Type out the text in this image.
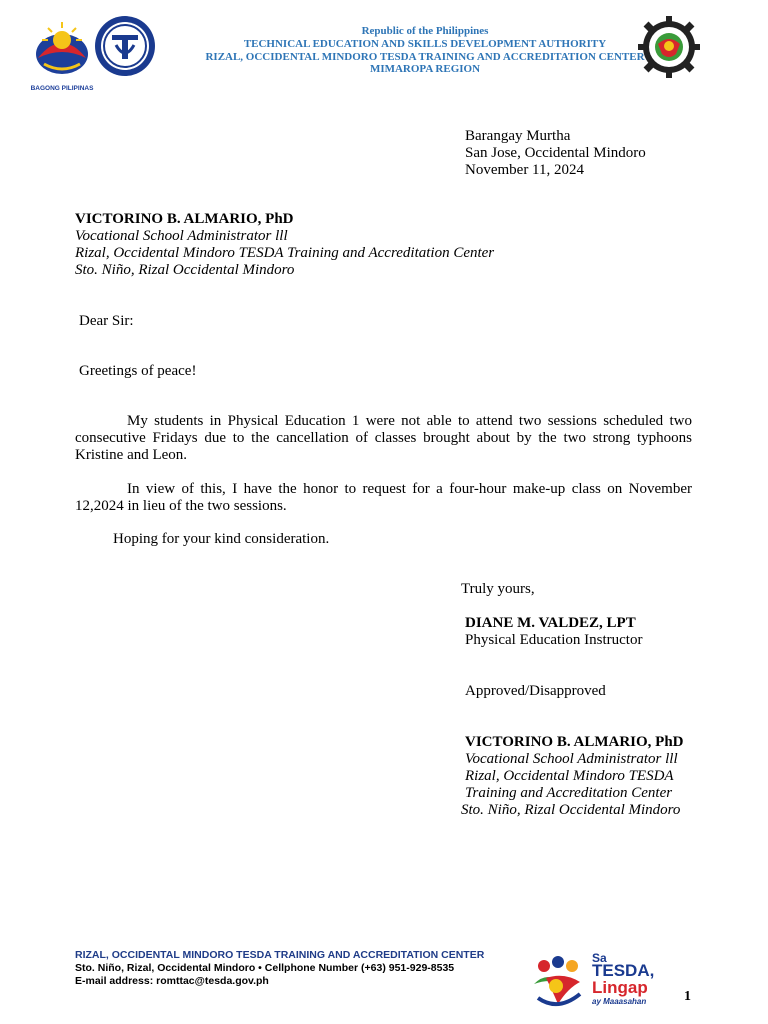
BAGONG PILIPINAS
Republic of the Philippines
TECHNICAL EDUCATION AND SKILLS DEVELOPMENT AUTHORITY
RIZAL, OCCIDENTAL MINDORO TESDA TRAINING AND ACCREDITATION CENTER
MIMAROPA REGION
Barangay Murtha
San Jose, Occidental Mindoro
November 11, 2024
VICTORINO B. ALMARIO, PhD
Vocational School Administrator lll
Rizal, Occidental Mindoro TESDA Training and Accreditation Center
Sto. Niño, Rizal Occidental Mindoro
Dear Sir:
Greetings of peace!
My students in Physical Education 1 were not able to attend two sessions scheduled two consecutive Fridays due to the cancellation of classes brought about by the two strong typhoons Kristine and Leon.
In view of this, I have the honor to request for a four-hour make-up class on November 12,2024 in lieu of the two sessions.
Hoping for your kind consideration.
Truly yours,
DIANE M. VALDEZ, LPT
Physical Education Instructor
Approved/Disapproved
VICTORINO B. ALMARIO, PhD
Vocational School Administrator lll
Rizal, Occidental Mindoro TESDA
Training and Accreditation Center
Sto. Niño, Rizal Occidental Mindoro
RIZAL, OCCIDENTAL MINDORO TESDA TRAINING AND ACCREDITATION CENTER
Sto. Niño, Rizal, Occidental Mindoro • Cellphone Number (+63) 951-929-8535
E-mail address: romttac@tesda.gov.ph
Sa
TESDA,
Lingap
ay Maaasahan	1
